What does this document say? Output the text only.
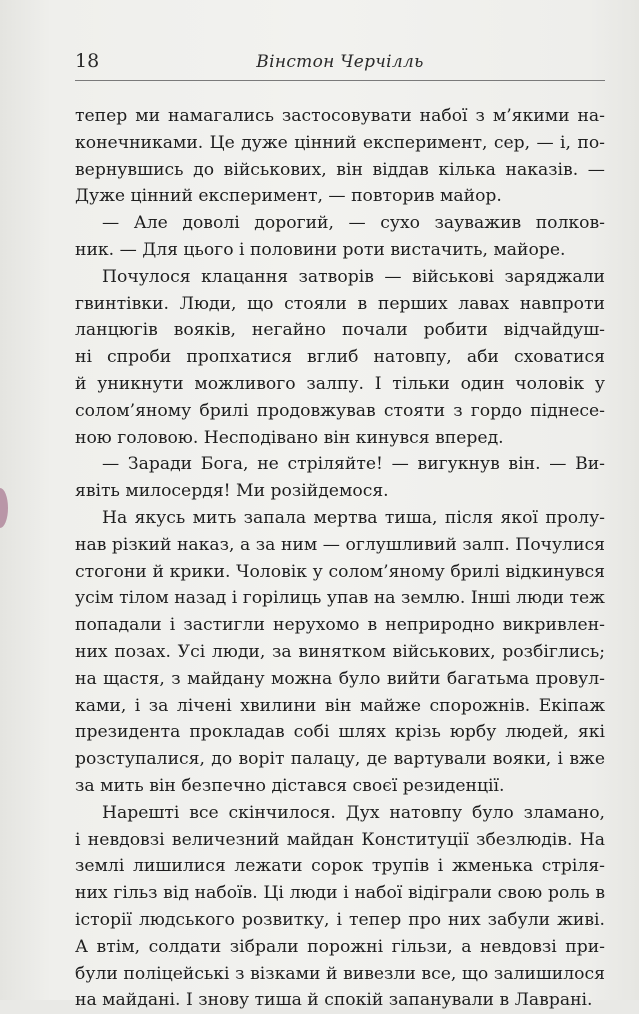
18	Вінстон Черчілль
тепер ми намагались застосовувати набої з м’якими на-
конечниками. Це дуже цінний експеримент, сер, — і, по-
вернувшись до військових, він віддав кілька наказів. —
Дуже цінний експеримент, — повторив майор.
— Але доволі дорогий, — сухо зауважив полков-
ник. — Для цього і половини роти вистачить, майоре.
Почулося клацання затворів — військові заряджали
гвинтівки. Люди, що стояли в перших лавах навпроти
ланцюгів вояків, негайно почали робити відчайдуш-
ні спроби пропхатися вглиб натовпу, аби сховатися
й уникнути можливого залпу. І тільки один чоловік у
солом’яному брилі продовжував стояти з гордо піднесе-
ною головою. Несподівано він кинувся вперед.
— Заради Бога, не стріляйте! — вигукнув він. — Ви-
явіть милосердя! Ми розійдемося.
На якусь мить запала мертва тиша, після якої пролу-
нав різкий наказ, а за ним — оглушливий залп. Почулися
стогони й крики. Чоловік у солом’яному брилі відкинувся
усім тілом назад і горілиць упав на землю. Інші люди теж
попадали і застигли нерухомо в неприродно викривлен-
них позах. Усі люди, за винятком військових, розбіглись;
на щастя, з майдану можна було вийти багатьма провул-
ками, і за лічені хвилини він майже спорожнів. Екіпаж
президента прокладав собі шлях крізь юрбу людей, які
розступалися, до воріт палацу, де вартували вояки, і вже
за мить він безпечно дістався своєї резиденції.
Нарешті все скінчилося. Дух натовпу було зламано,
і невдовзі величезний майдан Конституції збезлюдів. На
землі лишилися лежати сорок трупів і жменька стріля-
них гільз від набоїв. Ці люди і набої відіграли свою роль в
історії людського розвитку, і тепер про них забули живі.
А втім, солдати зібрали порожні гільзи, а невдовзі при-
були поліцейські з візками й вивезли все, що залишилося
на майдані. І знову тиша й спокій запанували в Лаврані.
